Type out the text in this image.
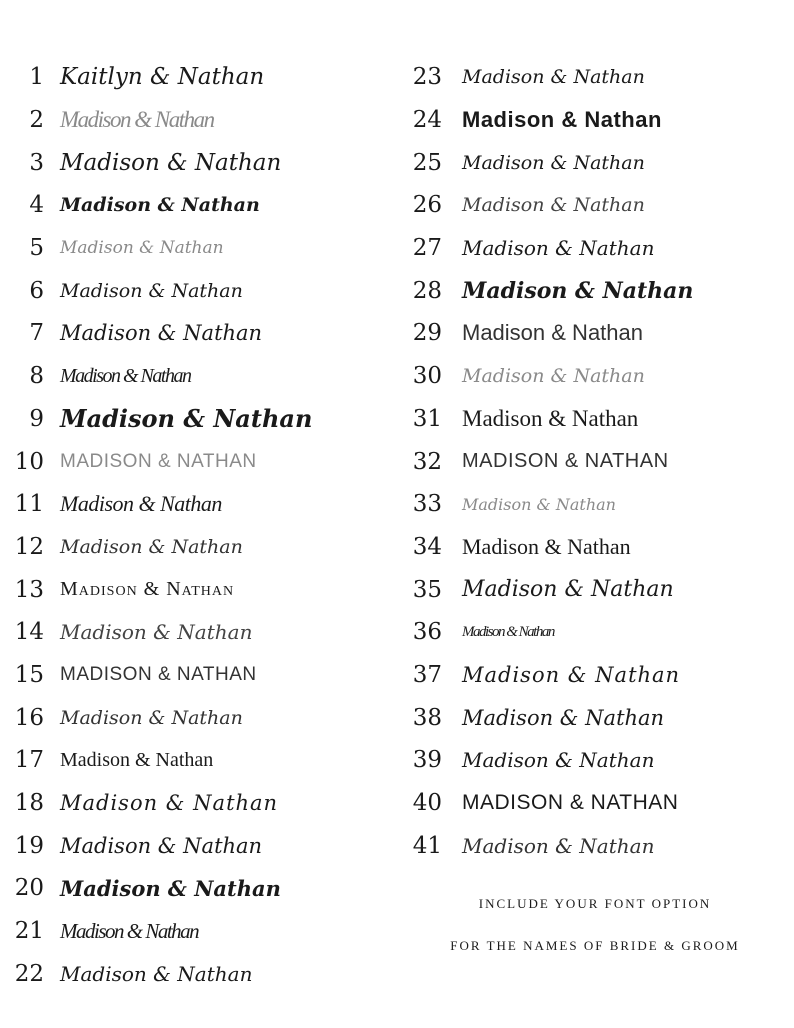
1 Kaitlyn & Nathan
2 Madison & Nathan
3 Madison & Nathan
4 Madison & Nathan
5 Madison & Nathan
6 Madison & Nathan
7 Madison & Nathan
8 Madison & Nathan
9 Madison & Nathan
10 MADISON & NATHAN
11 Madison & Nathan
12 Madison & Nathan
13 Madison & Nathan
14 Madison & Nathan
15 MADISON & NATHAN
16 Madison & Nathan
17 Madison & Nathan
18 Madison & Nathan
19 Madison & Nathan
20 Madison & Nathan
21 Madison & Nathan
22 Madison & Nathan
23 Madison & Nathan
24 Madison & Nathan
25 Madison & Nathan
26 Madison & Nathan
27 Madison & Nathan
28 Madison & Nathan
29 Madison & Nathan
30 Madison & Nathan
31 Madison & Nathan
32 MADISON & NATHAN
33 Madison & Nathan
34 Madison & Nathan
35 Madison & Nathan
36 Madison & Nathan
37 Madison & Nathan
38 Madison & Nathan
39 Madison & Nathan
40 MADISON & NATHAN
41 Madison & Nathan
INCLUDE YOUR FONT OPTION
FOR THE NAMES OF BRIDE & GROOM
